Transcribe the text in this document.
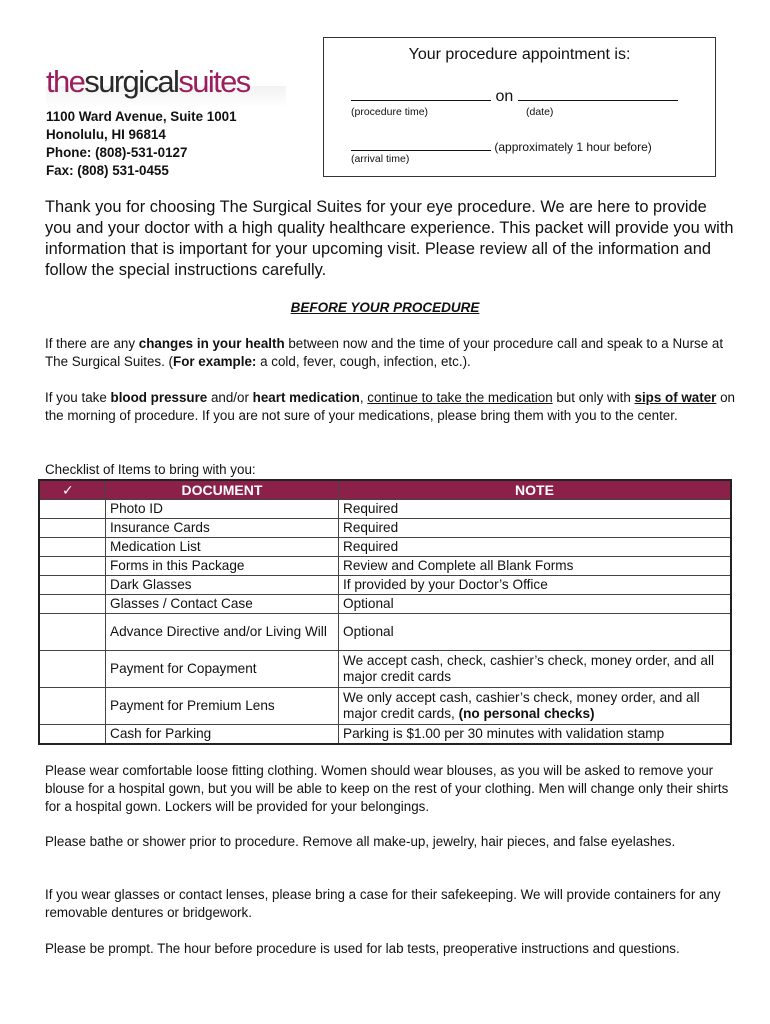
thesurgicalsuites
1100 Ward Avenue, Suite 1001
Honolulu, HI 96814
Phone: (808)-531-0127
Fax: (808) 531-0455
Your procedure appointment is:
on
(procedure time)	(date)
(approximately 1 hour before)
(arrival time)
Thank you for choosing The Surgical Suites for your eye procedure. We are here to provide you and your doctor with a high quality healthcare experience. This packet will provide you with information that is important for your upcoming visit. Please review all of the information and follow the special instructions carefully.
BEFORE YOUR PROCEDURE
If there are any changes in your health between now and the time of your procedure call and speak to a Nurse at The Surgical Suites. (For example: a cold, fever, cough, infection, etc.).
If you take blood pressure and/or heart medication, continue to take the medication but only with sips of water on the morning of procedure. If you are not sure of your medications, please bring them with you to the center.
Checklist of Items to bring with you:
✓	DOCUMENT	NOTE
	Photo ID	Required
	Insurance Cards	Required
	Medication List	Required
	Forms in this Package	Review and Complete all Blank Forms
	Dark Glasses	If provided by your Doctor’s Office
	Glasses / Contact Case	Optional
	Advance Directive and/or Living Will	Optional
	Payment for Copayment	We accept cash, check, cashier’s check, money order, and all major credit cards
	Payment for Premium Lens	We only accept cash, cashier’s check, money order, and all major credit cards, (no personal checks)
	Cash for Parking	Parking is $1.00 per 30 minutes with validation stamp
Please wear comfortable loose fitting clothing. Women should wear blouses, as you will be asked to remove your blouse for a hospital gown, but you will be able to keep on the rest of your clothing. Men will change only their shirts for a hospital gown. Lockers will be provided for your belongings.
Please bathe or shower prior to procedure. Remove all make-up, jewelry, hair pieces, and false eyelashes.
If you wear glasses or contact lenses, please bring a case for their safekeeping. We will provide containers for any removable dentures or bridgework.
Please be prompt. The hour before procedure is used for lab tests, preoperative instructions and questions.
